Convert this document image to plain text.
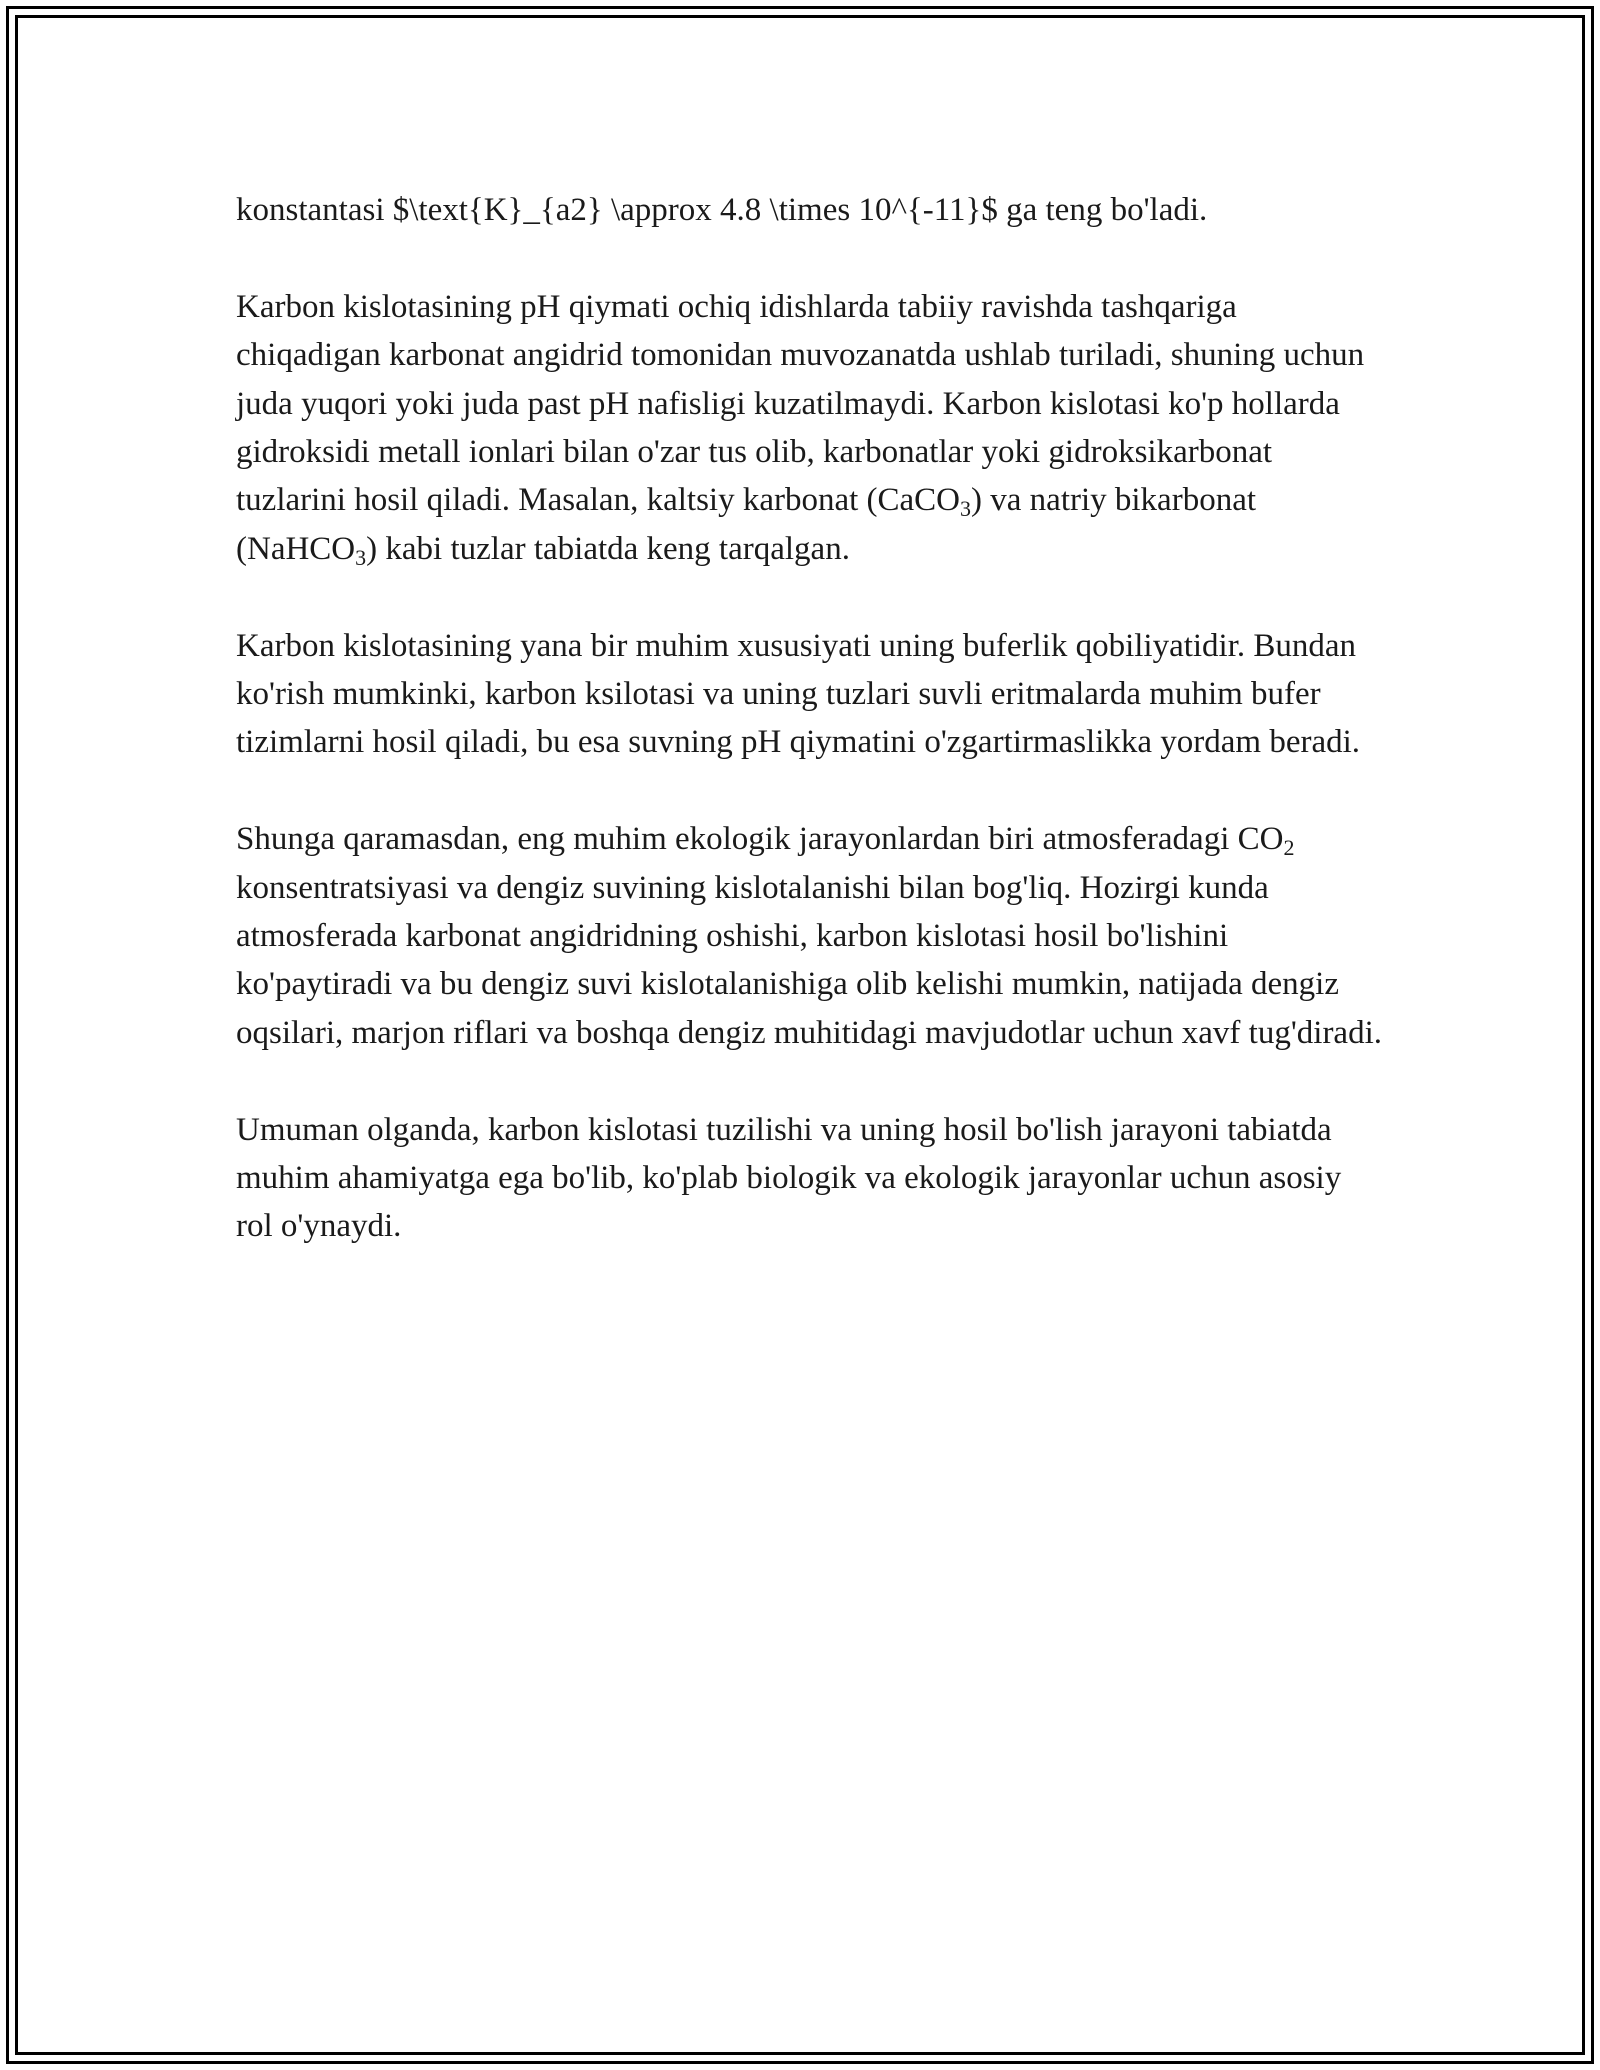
konstantasi $\text{K}_{a2} \approx 4.8 \times 10^{-11}$ ga teng bo'ladi.

Karbon kislotasining pH qiymati ochiq idishlarda tabiiy ravishda tashqariga chiqadigan karbonat angidrid tomonidan muvozanatda ushlab turiladi, shuning uchun juda yuqori yoki juda past pH nafisligi kuzatilmaydi. Karbon kislotasi ko'p hollarda gidroksidi metall ionlari bilan o'zar tus olib, karbonatlar yoki gidroksikarbonat tuzlarini hosil qiladi. Masalan, kaltsiy karbonat (CaCO$_3$) va natriy bikarbonat (NaHCO$_3$) kabi tuzlar tabiatda keng tarqalgan.

Karbon kislotasining yana bir muhim xususiyati uning buferlik qobiliyatidir. Bundan ko'rish mumkinki, karbon ksilotasi va uning tuzlari suvli eritmalarda muhim bufer tizimlarni hosil qiladi, bu esa suvning pH qiymatini o'zgartirmaslikka yordam beradi.

Shunga qaramasdan, eng muhim ekologik jarayonlardan biri atmosferadagi $CO_2$ konsentratsiyasi va dengiz suvining kislotalanishi bilan bog'liq. Hozirgi kunda atmosferada karbonat angidridning oshishi, karbon kislotasi hosil bo'lishini ko'paytiradi va bu dengiz suvi kislotalanishiga olib kelishi mumkin, natijada dengiz oqsilari, marjon riflari va boshqa dengiz muhitidagi mavjudotlar uchun xavf tug'diradi.

Umuman olganda, karbon kislotasi tuzilishi va uning hosil bo'lish jarayoni tabiatda muhim ahamiyatga ega bo'lib, ko'plab biologik va ekologik jarayonlar uchun asosiy rol o'ynaydi.
